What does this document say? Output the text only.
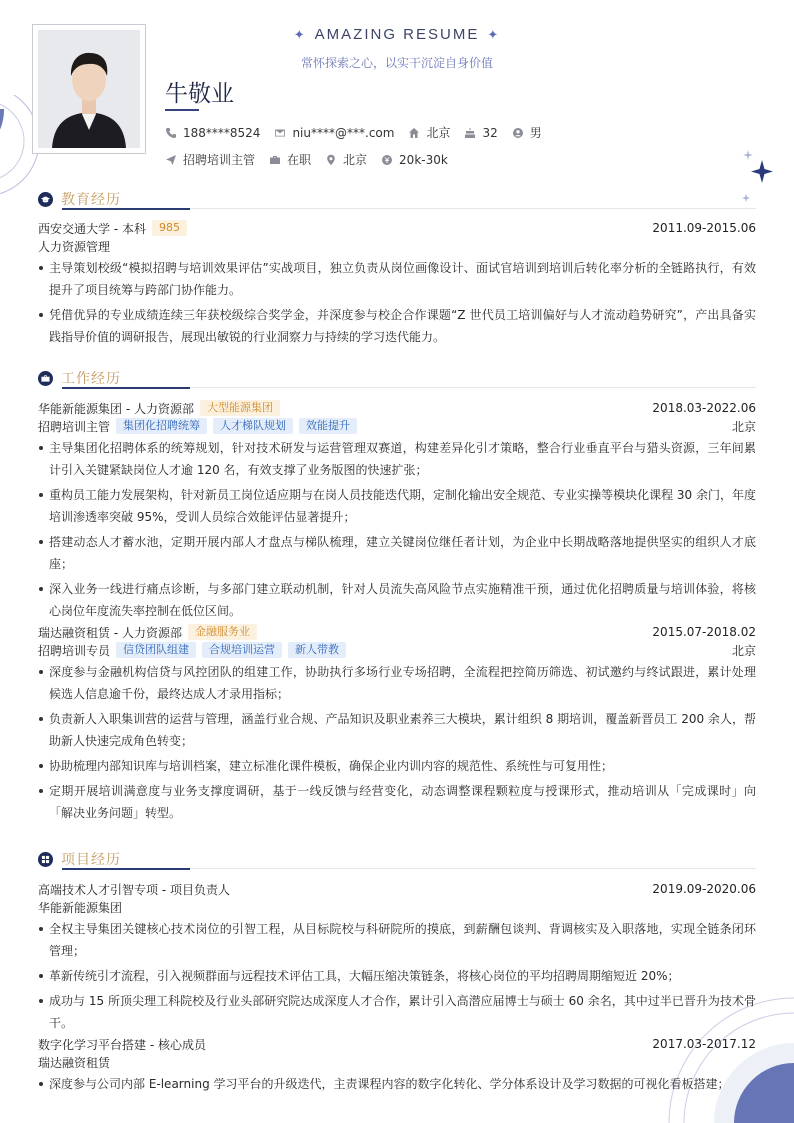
✦ AMAZING RESUME ✦
常怀探索之心，以实干沉淀自身价值
牛敬业
188****8524	niu****@***.com	北京	32	男
招聘培训主管	在职	北京	20k-30k
教育经历
西安交通大学 - 本科	985	2011.09-2015.06
人力资源管理
主导策划校级“模拟招聘与培训效果评估”实战项目，独立负责从岗位画像设计、面试官培训到培训后转化率分析的全链路执行，有效提升了项目统筹与跨部门协作能力。
凭借优异的专业成绩连续三年获校级综合奖学金，并深度参与校企合作课题“Z 世代员工培训偏好与人才流动趋势研究”，产出具备实践指导价值的调研报告，展现出敏锐的行业洞察力与持续的学习迭代能力。
工作经历
华能新能源集团 - 人力资源部	大型能源集团	2018.03-2022.06
招聘培训主管	集团化招聘统筹	人才梯队规划	效能提升	北京
主导集团化招聘体系的统筹规划，针对技术研发与运营管理双赛道，构建差异化引才策略，整合行业垂直平台与猎头资源，三年间累计引入关键紧缺岗位人才逾 120 名，有效支撑了业务版图的快速扩张；
重构员工能力发展架构，针对新员工岗位适应期与在岗人员技能迭代期，定制化输出安全规范、专业实操等模块化课程 30 余门，年度培训渗透率突破 95%，受训人员综合效能评估显著提升；
搭建动态人才蓄水池，定期开展内部人才盘点与梯队梳理，建立关键岗位继任者计划，为企业中长期战略落地提供坚实的组织人才底座；
深入业务一线进行痛点诊断，与多部门建立联动机制，针对人员流失高风险节点实施精准干预，通过优化招聘质量与培训体验，将核心岗位年度流失率控制在低位区间。
瑞达融资租赁 - 人力资源部	金融服务业	2015.07-2018.02
招聘培训专员	信贷团队组建	合规培训运营	新人带教	北京
深度参与金融机构信贷与风控团队的组建工作，协助执行多场行业专场招聘，全流程把控简历筛选、初试邀约与终试跟进，累计处理候选人信息逾千份，最终达成人才录用指标；
负责新人入职集训营的运营与管理，涵盖行业合规、产品知识及职业素养三大模块，累计组织 8 期培训，覆盖新晋员工 200 余人，帮助新人快速完成角色转变；
协助梳理内部知识库与培训档案，建立标准化课件模板，确保企业内训内容的规范性、系统性与可复用性；
定期开展培训满意度与业务支撑度调研，基于一线反馈与经营变化，动态调整课程颗粒度与授课形式，推动培训从「完成课时」向「解决业务问题」转型。
项目经历
高端技术人才引智专项 - 项目负责人	2019.09-2020.06
华能新能源集团
全权主导集团关键核心技术岗位的引智工程，从目标院校与科研院所的摸底，到薪酬包谈判、背调核实及入职落地，实现全链条闭环管理；
革新传统引才流程，引入视频群面与远程技术评估工具，大幅压缩决策链条，将核心岗位的平均招聘周期缩短近 20%；
成功与 15 所顶尖理工科院校及行业头部研究院达成深度人才合作，累计引入高潜应届博士与硕士 60 余名，其中过半已晋升为技术骨干。
数字化学习平台搭建 - 核心成员	2017.03-2017.12
瑞达融资租赁
深度参与公司内部 E-learning 学习平台的升级迭代，主责课程内容的数字化转化、学分体系设计及学习数据的可视化看板搭建；
